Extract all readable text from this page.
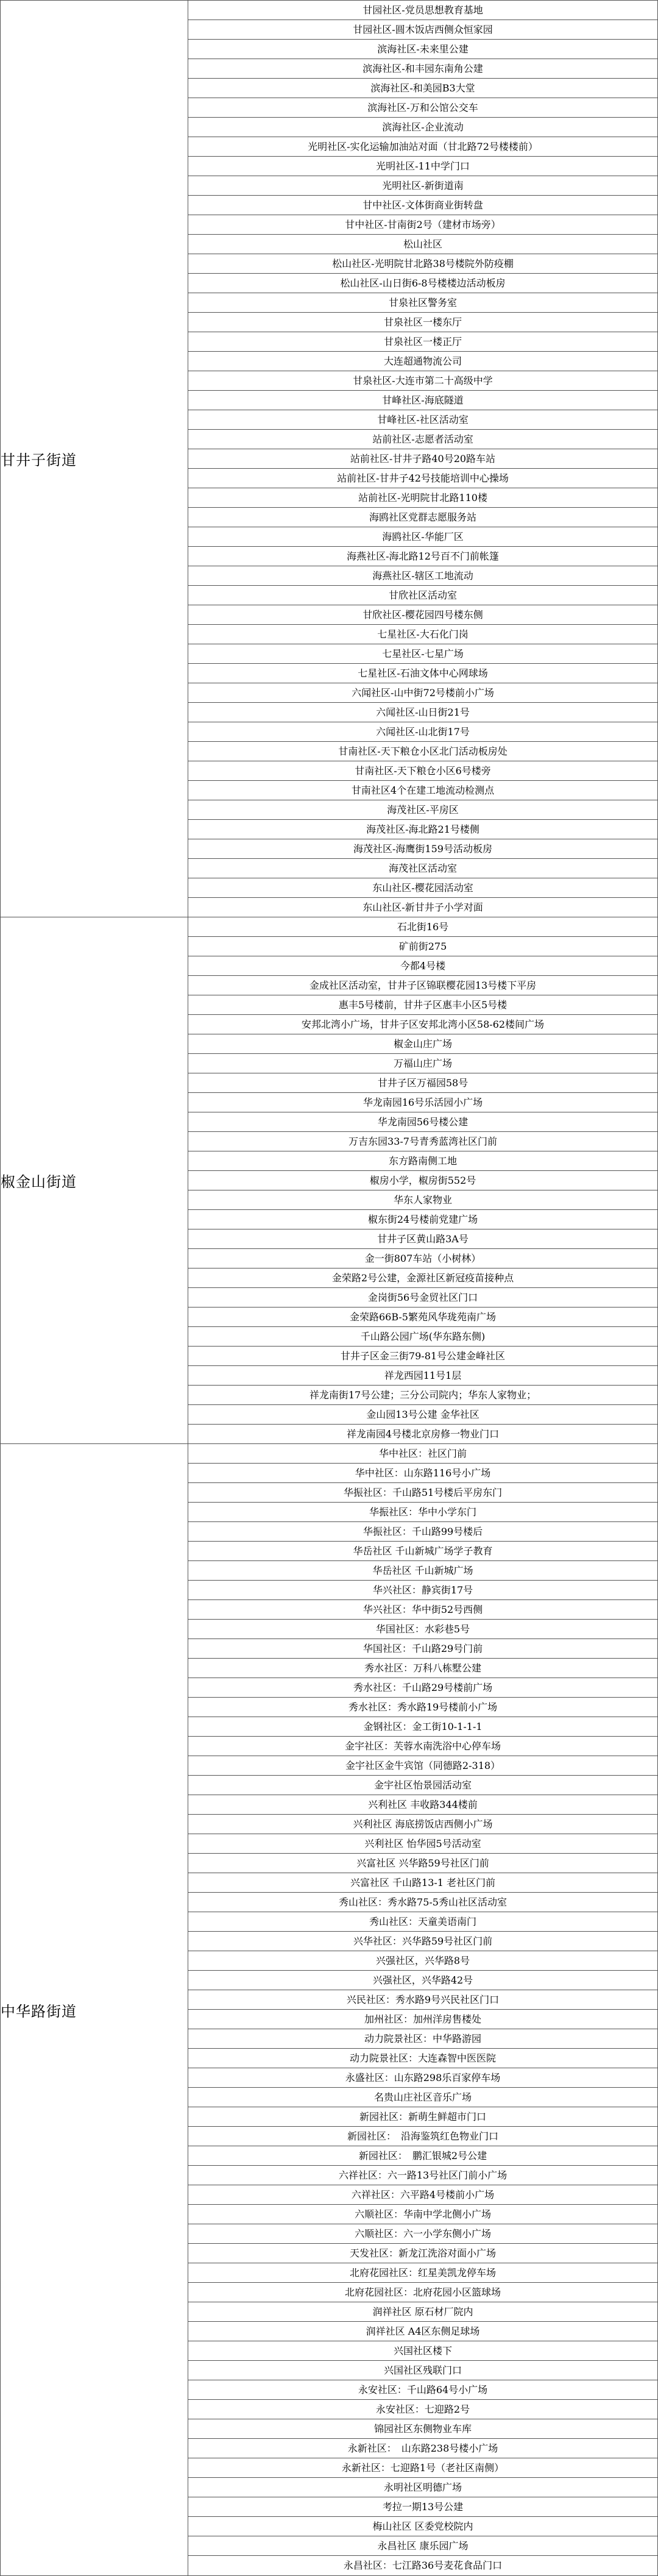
甘井子街道	甘园社区-党员思想教育基地
	甘园社区-圆木饭店西侧众恒家园
	滨海社区-未来里公建
	滨海社区-和丰园东南角公建
	滨海社区-和美园B3大堂
	滨海社区-万和公馆公交车
	滨海社区-企业流动
	光明社区-实化运输加油站对面（甘北路72号楼楼前）
	光明社区-11中学门口
	光明社区-新街道南
	甘中社区-文体街商业街转盘
	甘中社区-甘南街2号（建材市场旁）
	松山社区
	松山社区-光明院甘北路38号楼院外防疫棚
	松山社区-山日街6-8号楼楼边活动板房
	甘泉社区警务室
	甘泉社区一楼东厅
	甘泉社区一楼正厅
	大连超通物流公司
	甘泉社区-大连市第二十高级中学
	甘峰社区-海底隧道
	甘峰社区-社区活动室
	站前社区-志愿者活动室
	站前社区-甘井子路40号20路车站
	站前社区-甘井子42号技能培训中心操场
	站前社区-光明院甘北路110楼
	海鸥社区党群志愿服务站
	海鸥社区-华能厂区
	海燕社区-海北路12号百不门前帐篷
	海燕社区-辖区工地流动
	甘欣社区活动室
	甘欣社区-樱花园四号楼东侧
	七星社区-大石化门岗
	七星社区-七星广场
	七星社区-石油文体中心网球场
	六闻社区-山中街72号楼前小广场
	六闻社区-山日街21号
	六闻社区-山北街17号
	甘南社区-天下粮仓小区北门活动板房处
	甘南社区-天下粮仓小区6号楼旁
	甘南社区4个在建工地流动检测点
	海茂社区-平房区
	海茂社区-海北路21号楼侧
	海茂社区-海鹰街159号活动板房
	海茂社区活动室
	东山社区-樱花园活动室
	东山社区-新甘井子小学对面
椒金山街道	石北街16号
	矿前街275
	今都4号楼
	金成社区活动室，甘井子区锦联樱花园13号楼下平房
	惠丰5号楼前，甘井子区惠丰小区5号楼
	安邦北湾小广场，甘井子区安邦北湾小区58-62楼间广场
	椒金山庄广场
	万福山庄广场
	甘井子区万福园58号
	华龙南园16号乐活园小广场
	华龙南园56号楼公建
	万吉东园33-7号青秀蓝湾社区门前
	东方路南侧工地
	椒房小学，椒房街552号
	华东人家物业
	椒东街24号楼前党建广场
	甘井子区黄山路3A号
	金一街807车站（小树林）
	金荣路2号公建，金源社区新冠疫苗接种点
	金岗街56号金贸社区门口
	金荣路66B-5繁苑风华珑苑南广场
	千山路公园广场(华东路东侧)
	甘井子区金三街79-81号公建金峰社区
	祥龙西园11号1层
	祥龙南街17号公建；三分公司院内；华东人家物业；
	金山园13号公建 金华社区
	祥龙南园4号楼北京房修一物业门口
中华路街道	华中社区：社区门前
	华中社区：山东路116号小广场
	华振社区：千山路51号楼后平房东门
	华振社区：华中小学东门
	华振社区：千山路99号楼后
	华岳社区 千山新城广场学子教育
	华岳社区 千山新城广场
	华兴社区：静宾街17号
	华兴社区：华中街52号西侧
	华国社区：水彩巷5号
	华国社区：千山路29号门前
	秀水社区：万科八栋墅公建
	秀水社区：千山路29号楼前广场
	秀水社区：秀水路19号楼前小广场
	金钢社区：金工街10-1-1-1
	金宇社区：芙蓉水南洗浴中心停车场
	金宇社区金牛宾馆（同德路2-318）
	金宇社区怡景园活动室
	兴利社区 丰收路344楼前
	兴利社区 海底捞饭店西侧小广场
	兴利社区 怡华园5号活动室
	兴富社区 兴华路59号社区门前
	兴富社区 千山路13-1 老社区门前
	秀山社区：秀水路75-5秀山社区活动室
	秀山社区：天童美语南门
	兴华社区：兴华路59号社区门前
	兴强社区，兴华路8号
	兴强社区，兴华路42号
	兴民社区：秀水路9号兴民社区门口
	加州社区：加州洋房售楼处
	动力院景社区：中华路游园
	动力院景社区：大连森智中医医院
	永盛社区：山东路298乐百家停车场
	名贵山庄社区音乐广场
	新园社区：新萌生鲜超市门口
	新园社区：　沿海鉴筑红色物业门口
	新园社区：　鹏汇银城2号公建
	六祥社区：六一路13号社区门前小广场
	六祥社区：六平路4号楼前小广场
	六顺社区：华南中学北侧小广场
	六顺社区：六一小学东侧小广场
	天发社区：新龙江洗浴对面小广场
	北府花园社区：红星美凯龙停车场
	北府花园社区：北府花园小区篮球场
	润祥社区 原石材厂院内
	润祥社区 A4区东侧足球场
	兴国社区楼下
	兴国社区残联门口
	永安社区：千山路64号小广场
	永安社区：七迎路2号
	锦园社区东侧物业车库
	永新社区：　山东路238号楼小广场
	永新社区：七迎路1号（老社区南侧）
	永明社区明德广场
	考拉一期13号公建
	梅山社区 区委党校院内
	永昌社区 康乐园广场
	永昌社区：七江路36号麦花食品门口
